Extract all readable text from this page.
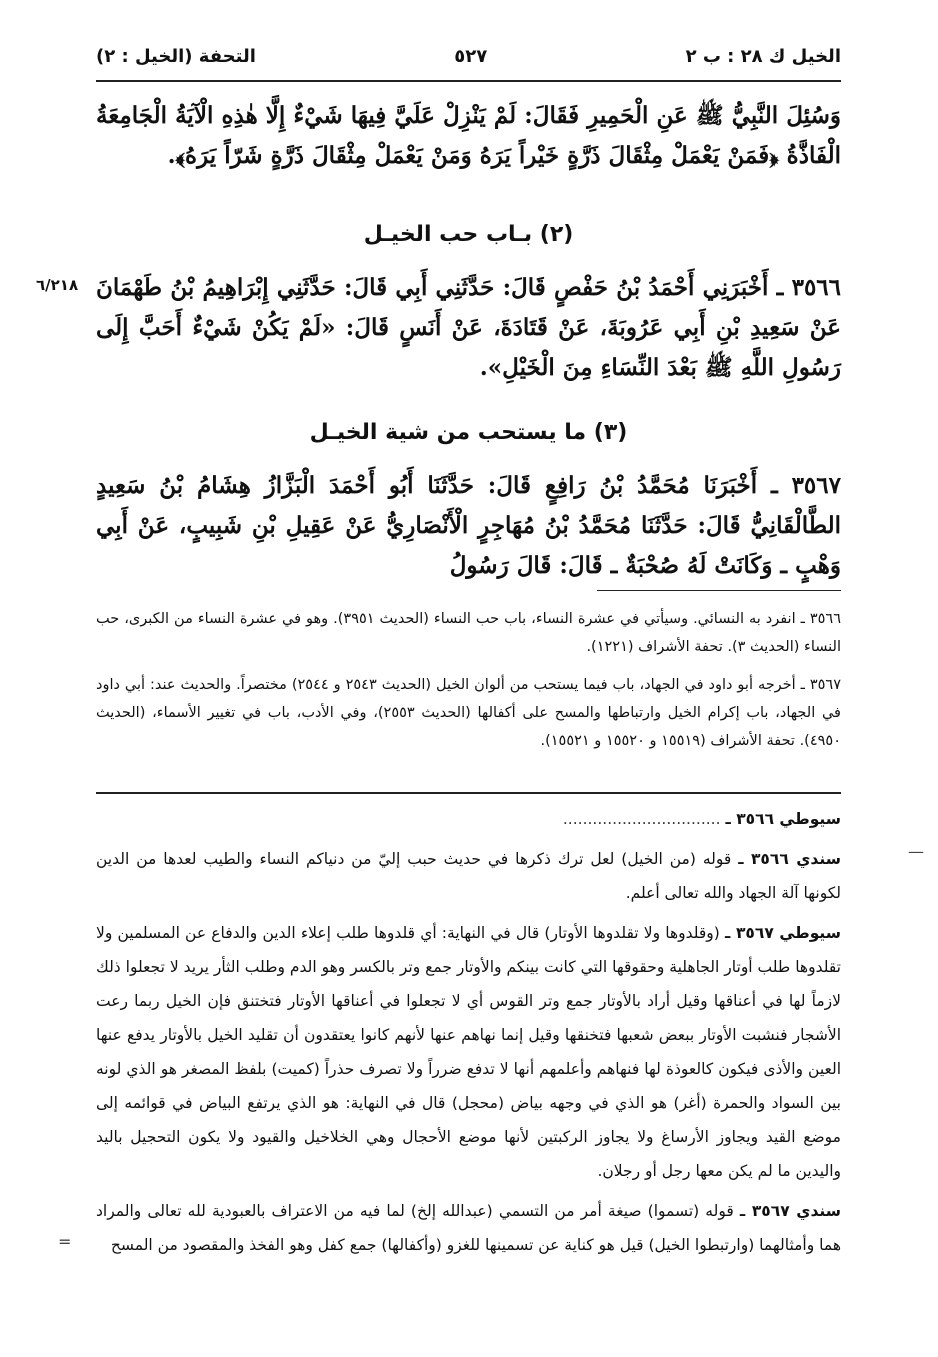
الخيل ك ٢٨ : ب ٢
٥٢٧
التحفة (الخيل : ٢)

وَسُئِلَ النَّبِيُّ ﷺ عَنِ الْحَمِيرِ فَقَالَ: لَمْ يَنْزِلْ عَلَيَّ فِيهَا شَيْءٌ إِلَّا هٰذِهِ الْآيَةُ الْجَامِعَةُ الْفَاذَّةُ ﴿فَمَنْ يَعْمَلْ مِثْقَالَ ذَرَّةٍ خَيْراً يَرَهُ وَمَنْ يَعْمَلْ مِثْقَالَ ذَرَّةٍ شَرّاً يَرَهُ﴾.

(٢) بـاب حب الخيـل

٣٥٦٦ ـ أَخْبَرَنِي أَحْمَدُ بْنُ حَفْصٍ قَالَ: حَدَّثَنِي أَبِي قَالَ: حَدَّثَنِي إِبْرَاهِيمُ بْنُ طَهْمَانَ عَنْ سَعِيدِ بْنِ أَبِي عَرُوبَةَ، عَنْ قَتَادَةَ، عَنْ أَنَسٍ قَالَ: «لَمْ يَكُنْ شَيْءٌ أَحَبَّ إِلَى رَسُولِ اللَّهِ ﷺ بَعْدَ النِّسَاءِ مِنَ الْخَيْلِ».

٦/٢١٨

(٣) ما يستحب من شية الخيـل

٣٥٦٧ ـ أَخْبَرَنَا مُحَمَّدُ بْنُ رَافِعٍ قَالَ: حَدَّثَنَا أَبُو أَحْمَدَ الْبَزَّازُ هِشَامُ بْنُ سَعِيدٍ الطَّالْقَانِيُّ قَالَ: حَدَّثَنَا مُحَمَّدُ بْنُ مُهَاجِرٍ الْأَنْصَارِيُّ عَنْ عَقِيلِ بْنِ شَبِيبٍ، عَنْ أَبِي وَهْبٍ ـ وَكَانَتْ لَهُ صُحْبَةٌ ـ قَالَ: قَالَ رَسُولُ

٣٥٦٦ ـ انفرد به النسائي. وسيأتي في عشرة النساء، باب حب النساء (الحديث ٣٩٥١). وهو في عشرة النساء من الكبرى، حب النساء (الحديث ٣). تحفة الأشراف (١٢٢١).

٣٥٦٧ ـ أخرجه أبو داود في الجهاد، باب فيما يستحب من ألوان الخيل (الحديث ٢٥٤٣ و ٢٥٤٤) مختصراً. والحديث عند: أبي داود في الجهاد، باب إكرام الخيل وارتباطها والمسح على أكفالها (الحديث ٢٥٥٣)، وفي الأدب، باب في تغيير الأسماء، (الحديث ٤٩٥٠). تحفة الأشراف (١٥٥١٩ و ١٥٥٢٠ و ١٥٥٢١).

سيوطي ٣٥٦٦ ـ ................................

سندي ٣٥٦٦ ـ قوله (من الخيل) لعل ترك ذكرها في حديث حبب إليّ من دنياكم النساء والطيب لعدها من الدين لكونها آلة الجهاد والله تعالى أعلم.

سيوطي ٣٥٦٧ ـ (وقلدوها ولا تقلدوها الأوتار) قال في النهاية: أي قلدوها طلب إعلاء الدين والدفاع عن المسلمين ولا تقلدوها طلب أوتار الجاهلية وحقوقها التي كانت بينكم والأوتار جمع وتر بالكسر وهو الدم وطلب الثأر يريد لا تجعلوا ذلك لازماً لها في أعناقها وقيل أراد بالأوتار جمع وتر القوس أي لا تجعلوا في أعناقها الأوتار فتختنق فإن الخيل ربما رعت الأشجار فنشبت الأوتار ببعض شعبها فتخنقها وقيل إنما نهاهم عنها لأنهم كانوا يعتقدون أن تقليد الخيل بالأوتار يدفع عنها العين والأذى فيكون كالعوذة لها فنهاهم وأعلمهم أنها لا تدفع ضرراً ولا تصرف حذراً (كميت) بلفظ المصغر هو الذي لونه بين السواد والحمرة (أغر) هو الذي في وجهه بياض (محجل) قال في النهاية: هو الذي يرتفع البياض في قوائمه إلى موضع القيد ويجاوز الأرساغ ولا يجاوز الركبتين لأنها موضع الأحجال وهي الخلاخيل والقيود ولا يكون التحجيل باليد واليدين ما لم يكن معها رجل أو رجلان.

سندي ٣٥٦٧ ـ قوله (تسموا) صيغة أمر من التسمي (عبدالله إلخ) لما فيه من الاعتراف بالعبودية لله تعالى والمراد هما وأمثالهما (وارتبطوا الخيل) قيل هو كناية عن تسمينها للغزو (وأكفالها) جمع كفل وهو الفخذ والمقصود من المسح

—
=
